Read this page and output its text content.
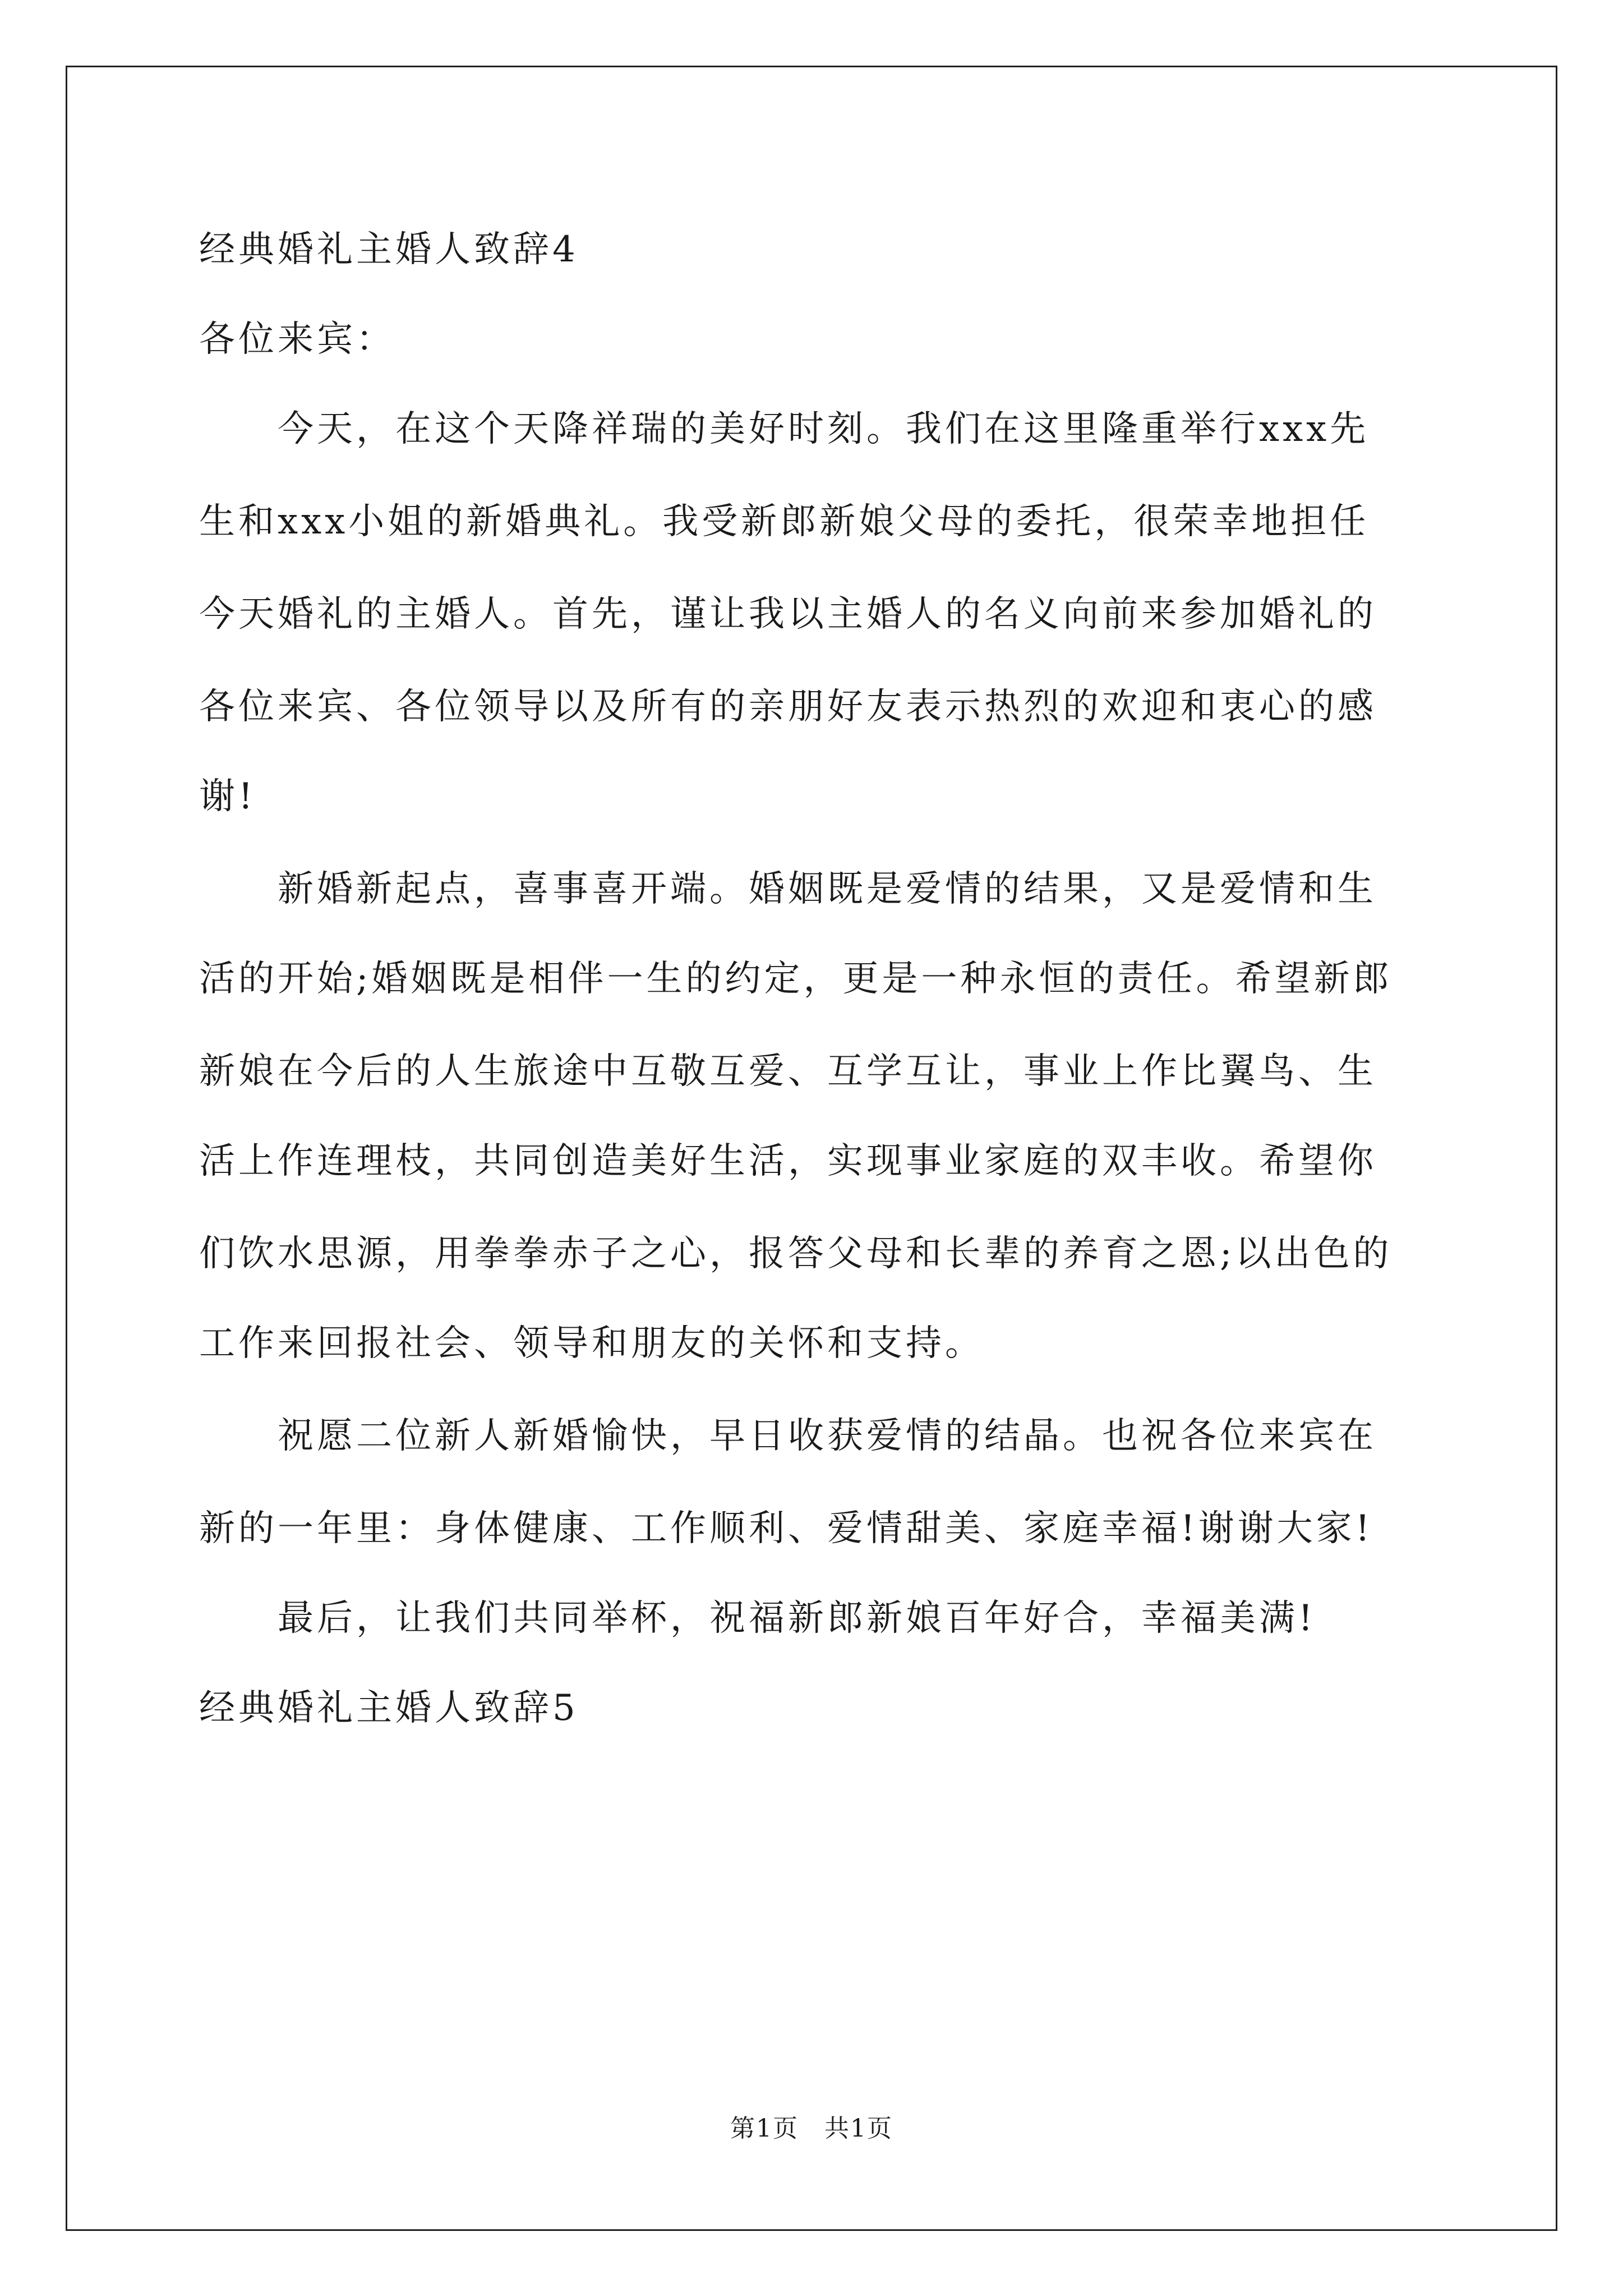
经典婚礼主婚人致辞4
各位来宾：
　　今天，在这个天降祥瑞的美好时刻。我们在这里隆重举行xxx先
生和xxx小姐的新婚典礼。我受新郎新娘父母的委托，很荣幸地担任
今天婚礼的主婚人。首先，谨让我以主婚人的名义向前来参加婚礼的
各位来宾、各位领导以及所有的亲朋好友表示热烈的欢迎和衷心的感
谢!
　　新婚新起点，喜事喜开端。婚姻既是爱情的结果，又是爱情和生
活的开始;婚姻既是相伴一生的约定，更是一种永恒的责任。希望新郎
新娘在今后的人生旅途中互敬互爱、互学互让，事业上作比翼鸟、生
活上作连理枝，共同创造美好生活，实现事业家庭的双丰收。希望你
们饮水思源，用拳拳赤子之心，报答父母和长辈的养育之恩;以出色的
工作来回报社会、领导和朋友的关怀和支持。
　　祝愿二位新人新婚愉快，早日收获爱情的结晶。也祝各位来宾在
新的一年里：身体健康、工作顺利、爱情甜美、家庭幸福!谢谢大家!
　　最后，让我们共同举杯，祝福新郎新娘百年好合，幸福美满!
经典婚礼主婚人致辞5
第1页　共1页
